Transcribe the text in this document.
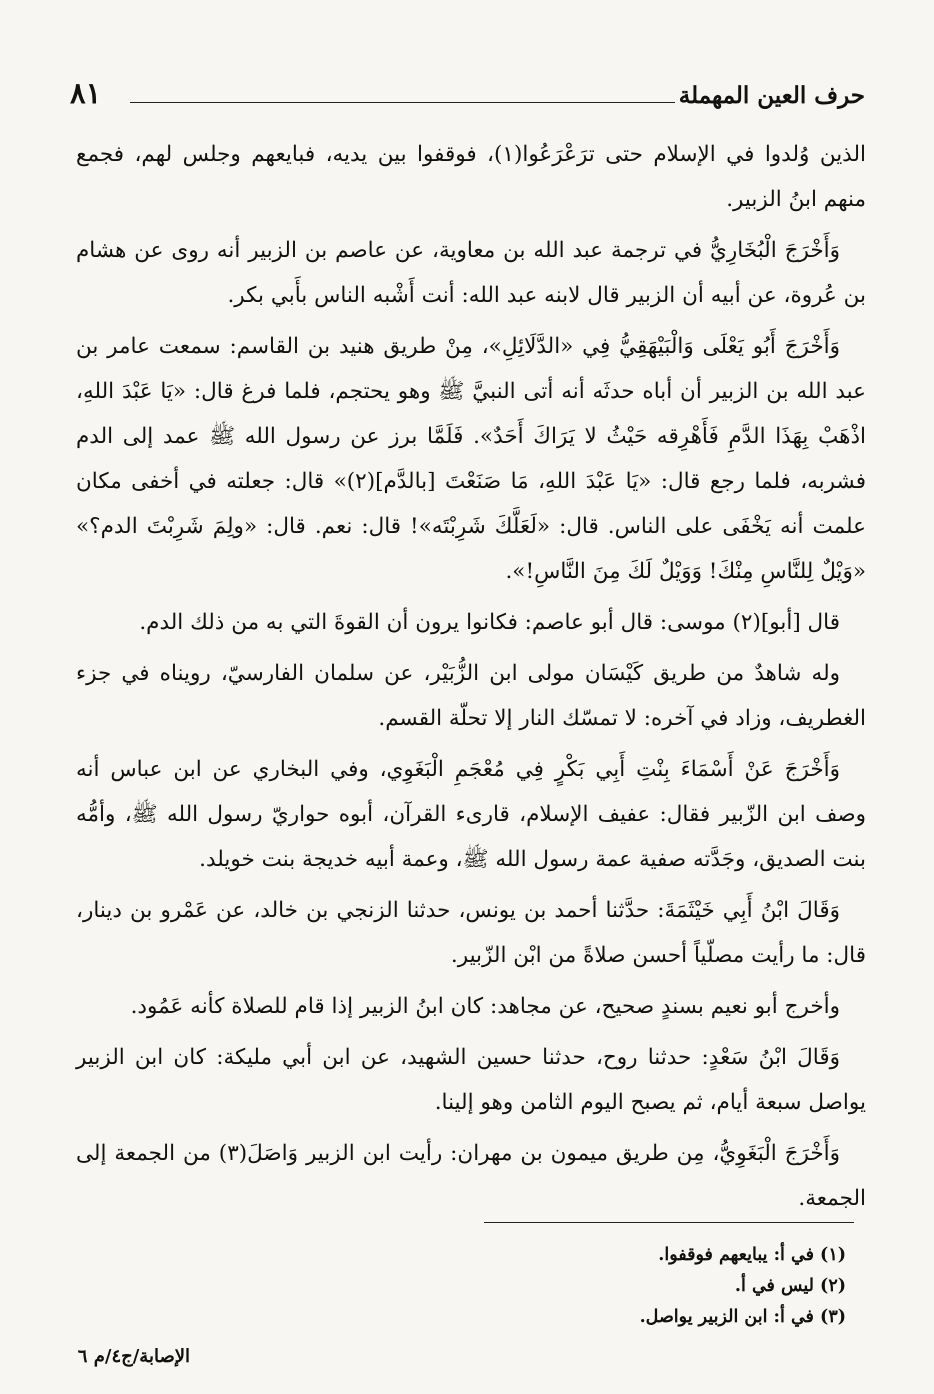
حرف العين المهملة
٨١

الذين وُلدوا في الإسلام حتى ترَعْرَعُوا(١)، فوقفوا بين يديه، فبايعهم وجلس لهم، فجمع منهم ابنُ الزبير.

وَأَخْرَجَ الْبُخَارِيُّ في ترجمة عبد الله بن معاوية، عن عاصم بن الزبير أنه روى عن هشام بن عُروة، عن أبيه أن الزبير قال لابنه عبد الله: أنت أَشْبه الناس بأَبي بكر.

وَأَخْرَجَ أَبُو يَعْلَى وَالْبَيْهَقِيُّ فِي «الدَّلَائِلِ»، مِنْ طريق هنيد بن القاسم: سمعت عامر بن عبد الله بن الزبير أن أباه حدثَه أنه أتى النبيَّ ﷺ وهو يحتجم، فلما فرغ قال: «يَا عَبْدَ اللهِ، اذْهَبْ بِهَذَا الدَّمِ فَأَهْرِقه حَيْثُ لا يَرَاكَ أَحَدٌ». فَلَمَّا برز عن رسول الله ﷺ عمد إلى الدم فشربه، فلما رجع قال: «يَا عَبْدَ اللهِ، مَا صَنَعْتَ [بالدَّم](٢)» قال: جعلته في أخفى مكان علمت أنه يَخْفَى على الناس. قال: «لَعَلَّكَ شَرِبْتَه»! قال: نعم. قال: «ولِمَ شَرِبْتَ الدم؟» «وَيْلٌ لِلنَّاسِ مِنْكَ! وَوَيْلٌ لَكَ مِنَ النَّاسِ!».

قال [أبو](٢) موسى: قال أبو عاصم: فكانوا يرون أن القوةَ التي به من ذلك الدم.

وله شاهدٌ من طريق كَيْسَان مولى ابن الزُّبَيْر، عن سلمان الفارسيّ، رويناه في جزء الغطريف، وزاد في آخره: لا تمسّك النار إلا تحلّة القسم.

وَأَخْرَجَ عَنْ أَسْمَاءَ بِنْتِ أَبِي بَكْرٍ فِي مُعْجَمِ الْبَغَوِي، وفي البخاري عن ابن عباس أنه وصف ابن الزّبير فقال: عفيف الإسلام، قارىء القرآن، أبوه حواريّ رسول الله ﷺ، وأمُّه بنت الصديق، وجَدَّته صفية عمة رسول الله ﷺ، وعمة أبيه خديجة بنت خويلد.

وَقَالَ ابْنُ أَبِي خَيْثَمَةَ: حدَّثنا أحمد بن يونس، حدثنا الزنجي بن خالد، عن عَمْرو بن دينار، قال: ما رأيت مصلّياً أحسن صلاةً من ابْن الزّبير.

وأخرج أبو نعيم بسندٍ صحيح، عن مجاهد: كان ابنُ الزبير إذا قام للصلاة كأنه عَمُود.

وَقَالَ ابْنُ سَعْدٍ: حدثنا روح، حدثنا حسين الشهيد، عن ابن أبي مليكة: كان ابن الزبير يواصل سبعة أيام، ثم يصبح اليوم الثامن وهو إلينا.

وَأَخْرَجَ الْبَغَوِيُّ، مِن طريق ميمون بن مهران: رأيت ابن الزبير وَاصَلَ(٣) من الجمعة إلى الجمعة.

(١) في أ: يبايعهم فوقفوا.

(٢) ليس في أ.

(٣) في أ: ابن الزبير يواصل.

الإصابة/ج٤/م ٦
